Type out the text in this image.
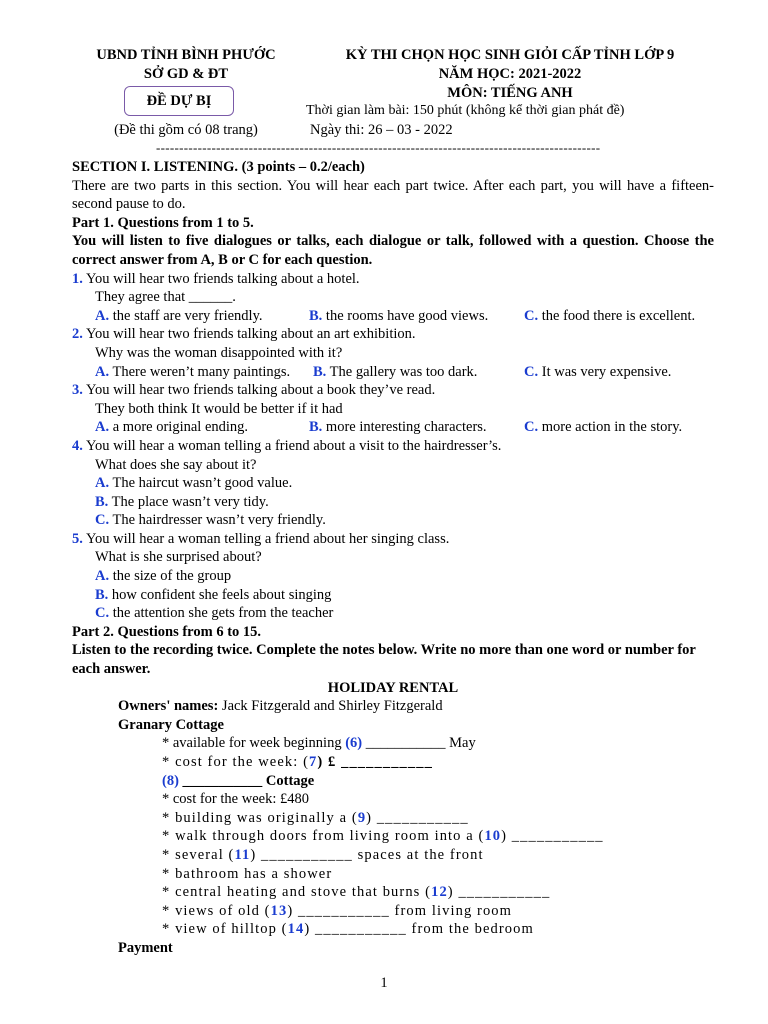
UBND TỈNH BÌNH PHƯỚC
SỞ GD & ĐT
ĐỀ DỰ BỊ
(Đề thi gồm có 08 trang)
KỲ THI CHỌN HỌC SINH GIỎI CẤP TỈNH LỚP 9
NĂM HỌC: 2021-2022
MÔN: TIẾNG ANH
Thời gian làm bài: 150 phút (không kể thời gian phát đề)
Ngày thi: 26 – 03 - 2022
------------------------------------------------------------------------------------------------
SECTION I. LISTENING. (3 points – 0.2/each)
There are two parts in this section. You will hear each part twice. After each part, you will have a fifteen-second pause to do.
Part 1. Questions from 1 to 5.
You will listen to five dialogues or talks, each dialogue or talk, followed with a question. Choose the correct answer from A, B or C for each question.
1. You will hear two friends talking about a hotel.
They agree that ______.
A. the staff are very friendly.	B. the rooms have good views.	C. the food there is excellent.
2. You will hear two friends talking about an art exhibition.
Why was the woman disappointed with it?
A. There weren’t many paintings.	B. The gallery was too dark.	C. It was very expensive.
3. You will hear two friends talking about a book they’ve read.
They both think It would be better if it had
A. a more original ending.	B. more interesting characters.	C. more action in the story.
4. You will hear a woman telling a friend about a visit to the hairdresser’s.
What does she say about it?
A. The haircut wasn’t good value.
B. The place wasn’t very tidy.
C. The hairdresser wasn’t very friendly.
5. You will hear a woman telling a friend about her singing class.
What is she surprised about?
A. the size of the group
B. how confident she feels about singing
C. the attention she gets from the teacher
Part 2. Questions from 6 to 15.
Listen to the recording twice. Complete the notes below. Write no more than one word or number for each answer.
HOLIDAY RENTAL
Owners' names: Jack Fitzgerald and Shirley Fitzgerald
Granary Cottage
* available for week beginning (6) ___________ May
* cost for the week: (7) £ ___________
(8) ___________ Cottage
* cost for the week: £480
* building was originally a (9) ___________
* walk through doors from living room into a (10) ___________
* several (11) ___________ spaces at the front
* bathroom has a shower
* central heating and stove that burns (12) ___________
* views of old (13) ___________ from living room
* view of hilltop (14) ___________ from the bedroom
Payment
1
